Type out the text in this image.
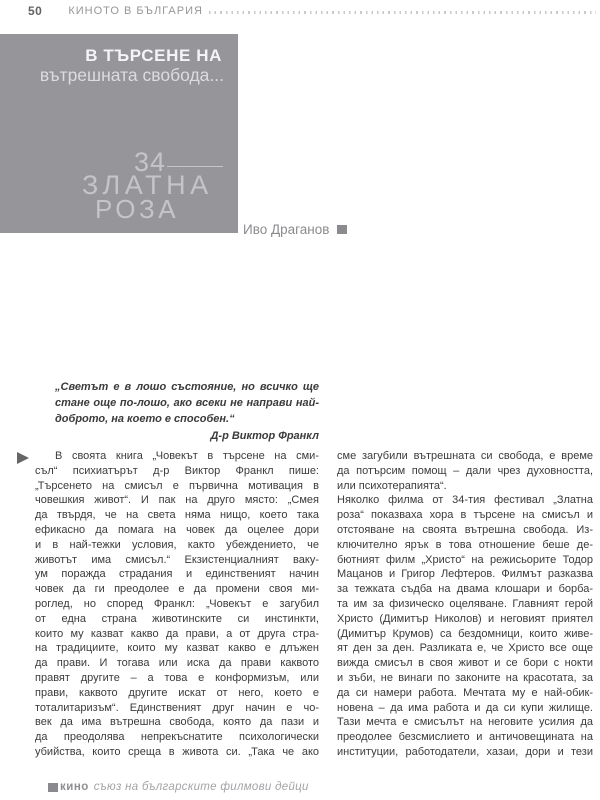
50 КИНОТО В БЪЛГАРИЯ
В ТЪРСЕНЕ НА
вътрешната свобода...
34
ЗЛАТНА
РОЗА
Иво Драганов
„Светът е в лошо състояние, но всичко ще
стане още по-лошо, ако всеки не направи най-
доброто, на което е способен.“
Д-р Виктор Франкл
В своята книга „Човекът в търсене на сми-
съл“ психиатърът д-р Виктор Франкл пише:
„Търсенето на смисъл е първична мотивация в
човешкия живот“. И пак на друго място: „Смея
да твърдя, че на света няма нищо, което така
ефикасно да помага на човек да оцелее дори
и в най-тежки условия, както убеждението, че
животът има смисъл.“ Екзистенциалният ваку-
ум поражда страдания и единственият начин
човек да ги преодолее е да промени своя ми-
роглед, но според Франкл: „Човекът е загубил
от една страна животинските си инстинкти,
които му казват какво да прави, а от друга стра-
на традициите, които му казват какво е длъжен
да прави. И тогава или иска да прави каквото
правят другите – а това е конформизъм, или
прави, каквото другите искат от него, което е
тоталитаризъм“. Единственият друг начин е чо-
век да има вътрешна свобода, която да пази и
да преодолява непрекъснатите психологически
убийства, които среща в живота си. „Така че ако
сме загубили вътрешната си свобода, е време
да потърсим помощ – дали чрез духовността,
или психотерапията“.
Няколко филма от 34-тия фестивал „Златна
роза“ показваха хора в търсене на смисъл и
отстояване на своята вътрешна свобода. Из-
ключително ярък в това отношение беше де-
бютният филм „Христо“ на режисьорите Тодор
Мацанов и Григор Лефтеров. Филмът разказва
за тежката съдба на двама клошари и борба-
та им за физическо оцеляване. Главният герой
Христо (Димитър Николов) и неговият приятел
(Димитър Крумов) са бездомници, които живе-
ят ден за ден. Разликата е, че Христо все още
вижда смисъл в своя живот и се бори с нокти
и зъби, не винаги по законите на красотата, за
да си намери работа. Мечтата му е най-обик-
новена – да има работа и да си купи жилище.
Тази мечта е смисълът на неговите усилия да
преодолее безсмислието и античовещината на
институции, работодатели, хазаи, дори и тези
кино съюз на българските филмови дейци
